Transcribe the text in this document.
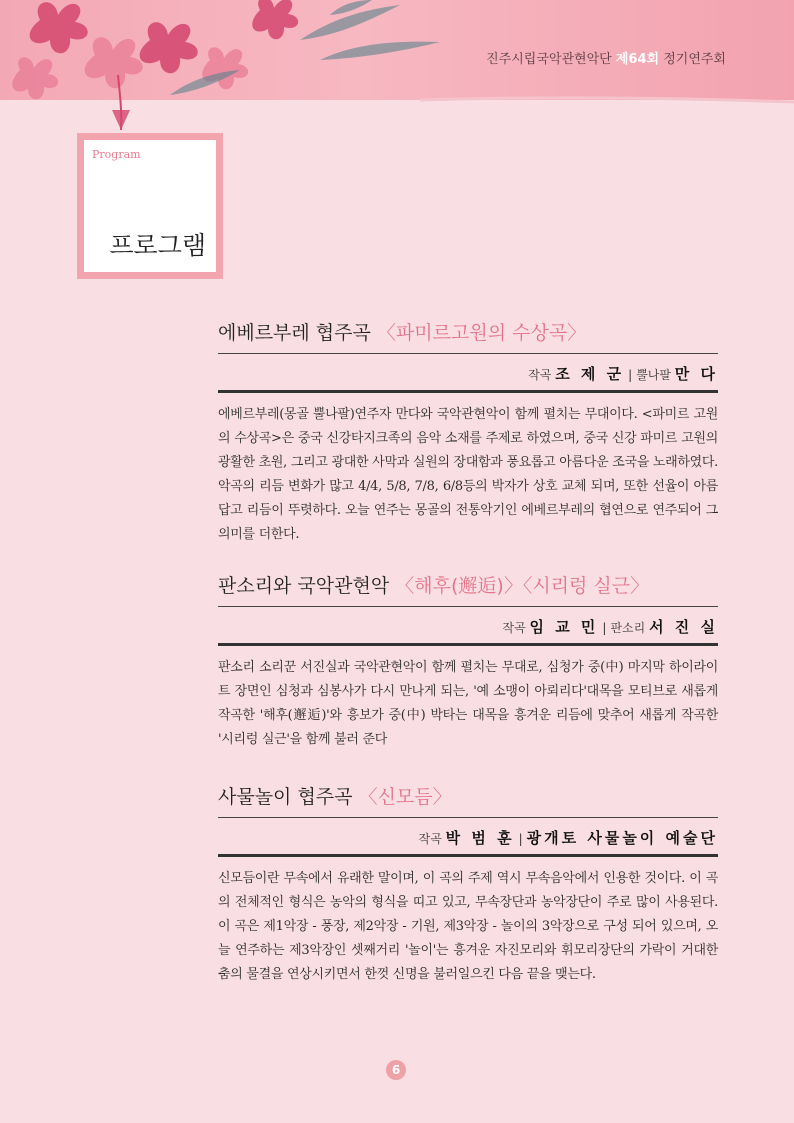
진주시립국악관현악단 제64회 정기연주회
Program
프로그램
에베르부레 협주곡 〈파미르고원의 수상곡〉
작곡 조 제 군 | 뿔나팔 만 다
에베르부레(몽골 뿔나팔)연주자 만다와 국악관현악이 함께 펼치는 무대이다. <파미르 고원의 수상곡>은 중국 신강타지크족의 음악 소재를 주제로 하였으며, 중국 신강 파미르 고원의 광활한 초원, 그리고 광대한 사막과 실원의 장대함과 풍요롭고 아름다운 조국을 노래하였다. 악곡의 리듬 변화가 많고 4/4, 5/8, 7/8, 6/8등의 박자가 상호 교체 되며, 또한 선율이 아름답고 리듬이 뚜렷하다. 오늘 연주는 몽골의 전통악기인 에베르부레의 협연으로 연주되어 그 의미를 더한다.
판소리와 국악관현악 〈해후(邂逅)〉〈시리렁 실근〉
작곡 임 교 민 | 판소리 서 진 실
판소리 소리꾼 서진실과 국악관현악이 함께 펼치는 무대로, 심청가 중(中) 마지막 하이라이트 장면인 심청과 심봉사가 다시 만나게 되는, '예 소맹이 아뢰리다'대목을 모티브로 새롭게 작곡한 '해후(邂逅)'와 흥보가 중(中) 박타는 대목을 흥겨운 리듬에 맞추어 새롭게 작곡한 '시리렁 실근'을 함께 불러 준다
사물놀이 협주곡 〈신모듬〉
작곡 박 범 훈 | 광개토 사물놀이 예술단
신모듬이란 무속에서 유래한 말이며, 이 곡의 주제 역시 무속음악에서 인용한 것이다. 이 곡의 전체적인 형식은 농악의 형식을 띠고 있고, 무속장단과 농악장단이 주로 많이 사용된다. 이 곡은 제1악장 - 풍장, 제2악장 - 기원, 제3악장 - 놀이의 3악장으로 구성 되어 있으며, 오늘 연주하는 제3악장인 셋째거리 '놀이'는 흥겨운 자진모리와 휘모리장단의 가락이 거대한 춤의 물결을 연상시키면서 한껏 신명을 불러일으킨 다음 끝을 맺는다.
6
